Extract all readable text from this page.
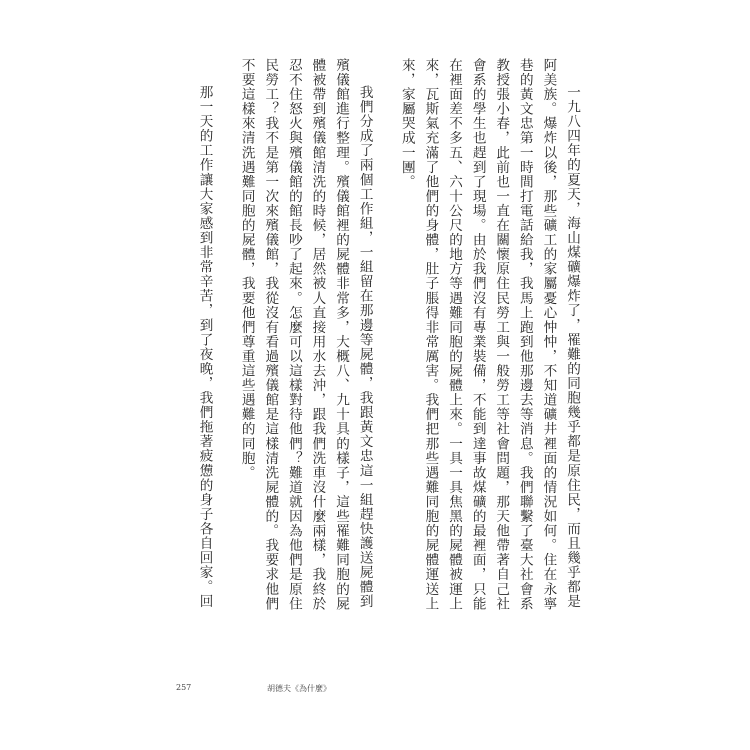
一九八四年的夏天，海山煤礦爆炸了，罹難的同胞幾乎都是原住民，而且幾乎都是

阿美族。爆炸以後，那些礦工的家屬憂心忡忡，不知道礦井裡面的情況如何。住在永寧

巷的黃文忠第一時間打電話給我，我馬上跑到他那邊去等消息。我們聯繫了臺大社會系

教授張小春，此前也一直在關懷原住民勞工與一般勞工等社會問題，那天他帶著自己社

會系的學生也趕到了現場。由於我們沒有專業裝備，不能到達事故煤礦的最裡面，只能

在裡面差不多五、六十公尺的地方等遇難同胞的屍體上來。一具一具焦黑的屍體被運上

來，瓦斯氣充滿了他們的身體，肚子脹得非常厲害。我們把那些遇難同胞的屍體運送上

來，家屬哭成一團。

我們分成了兩個工作組，一組留在那邊等屍體，我跟黃文忠這一組趕快護送屍體到

殯儀館進行整理。殯儀館裡的屍體非常多，大概八、九十具的樣子，這些罹難同胞的屍

體被帶到殯儀館清洗的時候，居然被人直接用水去沖，跟我們洗車沒什麼兩樣，我終於

忍不住怒火與殯儀館的館長吵了起來。怎麼可以這樣對待他們？難道就因為他們是原住

民勞工？我不是第一次來殯儀館，我從沒有看過殯儀館是這樣清洗屍體的。我要求他們

不要這樣來清洗遇難同胞的屍體，我要他們尊重這些遇難的同胞。

那一天的工作讓大家感到非常辛苦，到了夜晚，我們拖著疲憊的身子各自回家。回

257	胡德夫《為什麼》
